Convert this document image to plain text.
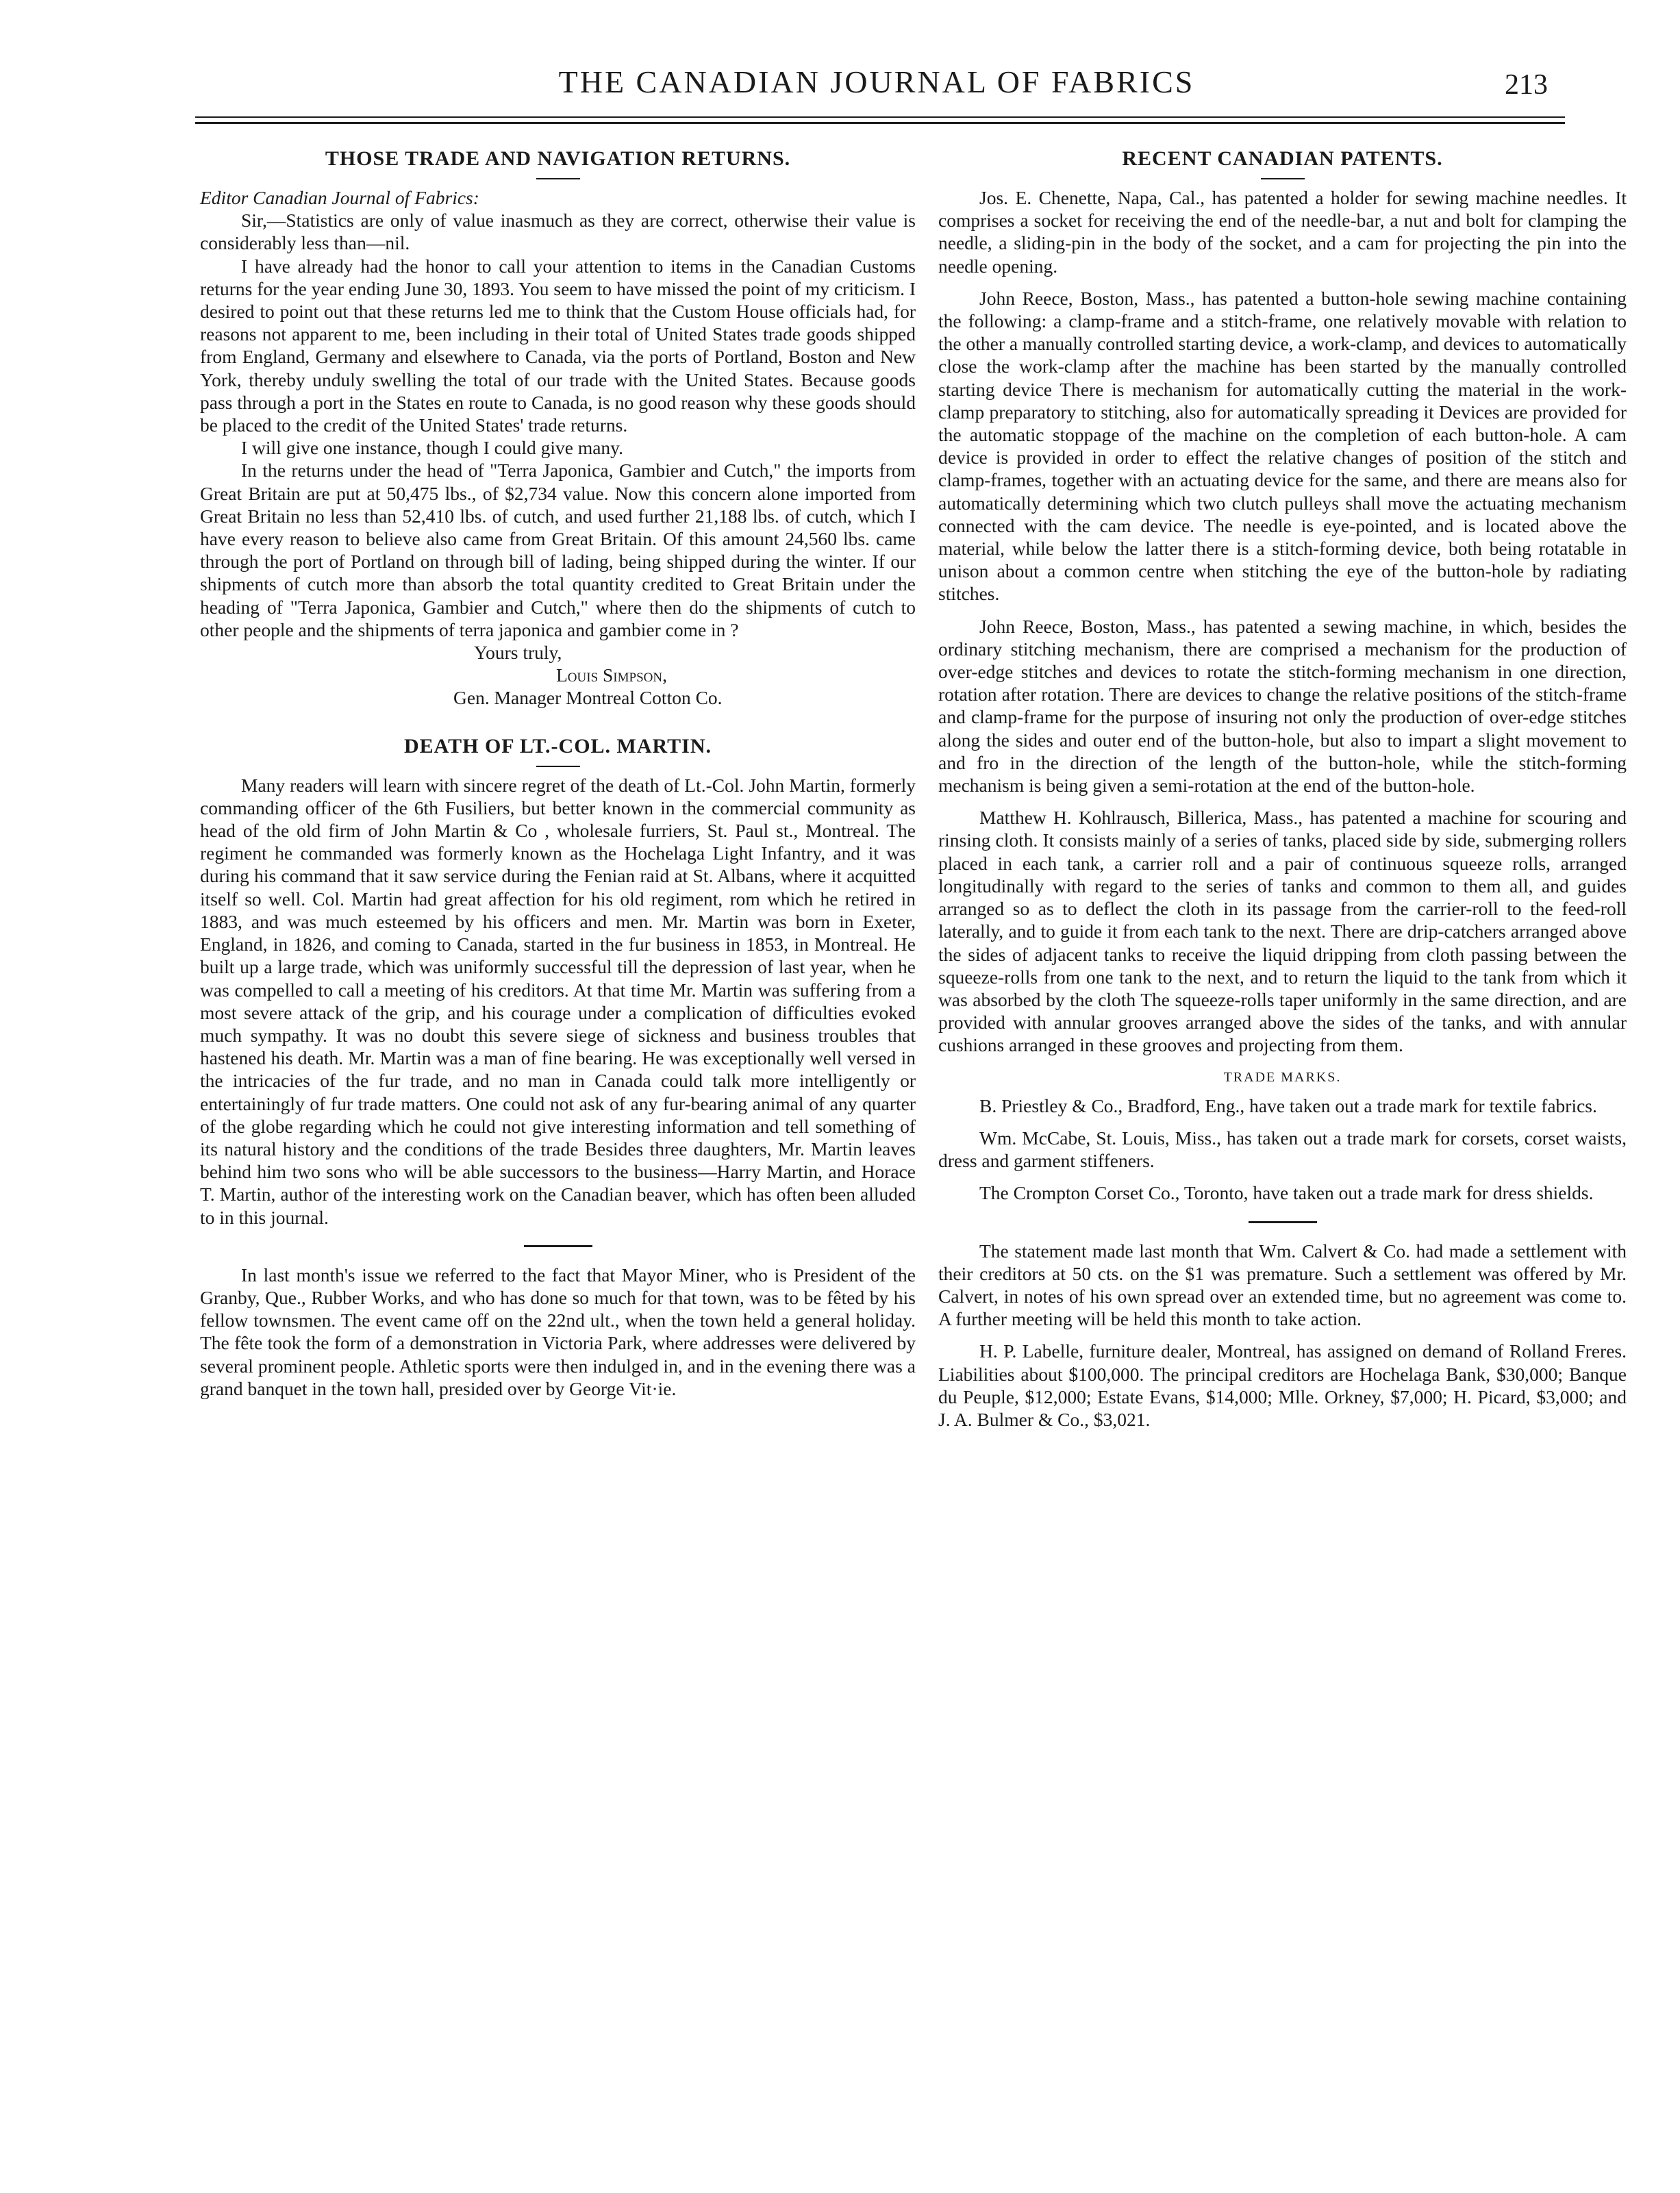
THE CANADIAN JOURNAL OF FABRICS	213
THOSE TRADE AND NAVIGATION RETURNS.

Editor Canadian Journal of Fabrics:

Sir,—Statistics are only of value inasmuch as they are correct, otherwise their value is considerably less than—nil.

I have already had the honor to call your attention to items in the Canadian Customs returns for the year ending June 30, 1893. You seem to have missed the point of my criticism. I desired to point out that these returns led me to think that the Custom House officials had, for reasons not apparent to me, been including in their total of United States trade goods shipped from England, Germany and elsewhere to Canada, via the ports of Portland, Boston and New York, thereby unduly swelling the total of our trade with the United States. Because goods pass through a port in the States en route to Canada, is no good reason why these goods should be placed to the credit of the United States' trade returns.

I will give one instance, though I could give many.

In the returns under the head of "Terra Japonica, Gambier and Cutch," the imports from Great Britain are put at 50,475 lbs., of $2,734 value. Now this concern alone imported from Great Britain no less than 52,410 lbs. of cutch, and used further 21,188 lbs. of cutch, which I have every reason to believe also came from Great Britain. Of this amount 24,560 lbs. came through the port of Portland on through bill of lading, being shipped during the winter. If our shipments of cutch more than absorb the total quantity credited to Great Britain under the heading of "Terra Japonica, Gambier and Cutch," where then do the shipments of cutch to other people and the shipments of terra japonica and gambier come in ?

Yours truly,

Louis Simpson,

Gen. Manager Montreal Cotton Co.

DEATH OF LT.-COL. MARTIN.

Many readers will learn with sincere regret of the death of Lt.-Col. John Martin, formerly commanding officer of the 6th Fusiliers, but better known in the commercial community as head of the old firm of John Martin & Co , wholesale furriers, St. Paul st., Montreal. The regiment he commanded was formerly known as the Hochelaga Light Infantry, and it was during his command that it saw service during the Fenian raid at St. Albans, where it acquitted itself so well. Col. Martin had great affection for his old regiment, rom which he retired in 1883, and was much esteemed by his officers and men. Mr. Martin was born in Exeter, England, in 1826, and coming to Canada, started in the fur business in 1853, in Montreal. He built up a large trade, which was uniformly successful till the depression of last year, when he was compelled to call a meeting of his creditors. At that time Mr. Martin was suffering from a most severe attack of the grip, and his courage under a complication of difficulties evoked much sympathy. It was no doubt this severe siege of sickness and business troubles that hastened his death. Mr. Martin was a man of fine bearing. He was exceptionally well versed in the intricacies of the fur trade, and no man in Canada could talk more intelligently or entertainingly of fur trade matters. One could not ask of any fur-bearing animal of any quarter of the globe regarding which he could not give interesting information and tell something of its natural history and the conditions of the trade Besides three daughters, Mr. Martin leaves behind him two sons who will be able successors to the business—Harry Martin, and Horace T. Martin, author of the interesting work on the Canadian beaver, which has often been alluded to in this journal.

In last month's issue we referred to the fact that Mayor Miner, who is President of the Granby, Que., Rubber Works, and who has done so much for that town, was to be fêted by his fellow townsmen. The event came off on the 22nd ult., when the town held a general holiday. The fête took the form of a demonstration in Victoria Park, where addresses were delivered by several prominent people. Athletic sports were then indulged in, and in the evening there was a grand banquet in the town hall, presided over by George Vit·ie.

RECENT CANADIAN PATENTS.

Jos. E. Chenette, Napa, Cal., has patented a holder for sewing machine needles. It comprises a socket for receiving the end of the needle-bar, a nut and bolt for clamping the needle, a sliding-pin in the body of the socket, and a cam for projecting the pin into the needle opening.

John Reece, Boston, Mass., has patented a button-hole sewing machine containing the following: a clamp-frame and a stitch-frame, one relatively movable with relation to the other a manually controlled starting device, a work-clamp, and devices to automatically close the work-clamp after the machine has been started by the manually controlled starting device There is mechanism for automatically cutting the material in the work-clamp preparatory to stitching, also for automatically spreading it Devices are provided for the automatic stoppage of the machine on the completion of each button-hole. A cam device is provided in order to effect the relative changes of position of the stitch and clamp-frames, together with an actuating device for the same, and there are means also for automatically determining which two clutch pulleys shall move the actuating mechanism connected with the cam device. The needle is eye-pointed, and is located above the material, while below the latter there is a stitch-forming device, both being rotatable in unison about a common centre when stitching the eye of the button-hole by radiating stitches.

John Reece, Boston, Mass., has patented a sewing machine, in which, besides the ordinary stitching mechanism, there are comprised a mechanism for the production of over-edge stitches and devices to rotate the stitch-forming mechanism in one direction, rotation after rotation. There are devices to change the relative positions of the stitch-frame and clamp-frame for the purpose of insuring not only the production of over-edge stitches along the sides and outer end of the button-hole, but also to impart a slight movement to and fro in the direction of the length of the button-hole, while the stitch-forming mechanism is being given a semi-rotation at the end of the button-hole.

Matthew H. Kohlrausch, Billerica, Mass., has patented a machine for scouring and rinsing cloth. It consists mainly of a series of tanks, placed side by side, submerging rollers placed in each tank, a carrier roll and a pair of continuous squeeze rolls, arranged longitudinally with regard to the series of tanks and common to them all, and guides arranged so as to deflect the cloth in its passage from the carrier-roll to the feed-roll laterally, and to guide it from each tank to the next. There are drip-catchers arranged above the sides of adjacent tanks to receive the liquid dripping from cloth passing between the squeeze-rolls from one tank to the next, and to return the liquid to the tank from which it was absorbed by the cloth The squeeze-rolls taper uniformly in the same direction, and are provided with annular grooves arranged above the sides of the tanks, and with annular cushions arranged in these grooves and projecting from them.

TRADE MARKS.

B. Priestley & Co., Bradford, Eng., have taken out a trade mark for textile fabrics.

Wm. McCabe, St. Louis, Miss., has taken out a trade mark for corsets, corset waists, dress and garment stiffeners.

The Crompton Corset Co., Toronto, have taken out a trade mark for dress shields.

The statement made last month that Wm. Calvert & Co. had made a settlement with their creditors at 50 cts. on the $1 was premature. Such a settlement was offered by Mr. Calvert, in notes of his own spread over an extended time, but no agreement was come to. A further meeting will be held this month to take action.

H. P. Labelle, furniture dealer, Montreal, has assigned on demand of Rolland Freres. Liabilities about $100,000. The principal creditors are Hochelaga Bank, $30,000; Banque du Peuple, $12,000; Estate Evans, $14,000; Mlle. Orkney, $7,000; H. Picard, $3,000; and J. A. Bulmer & Co., $3,021.
